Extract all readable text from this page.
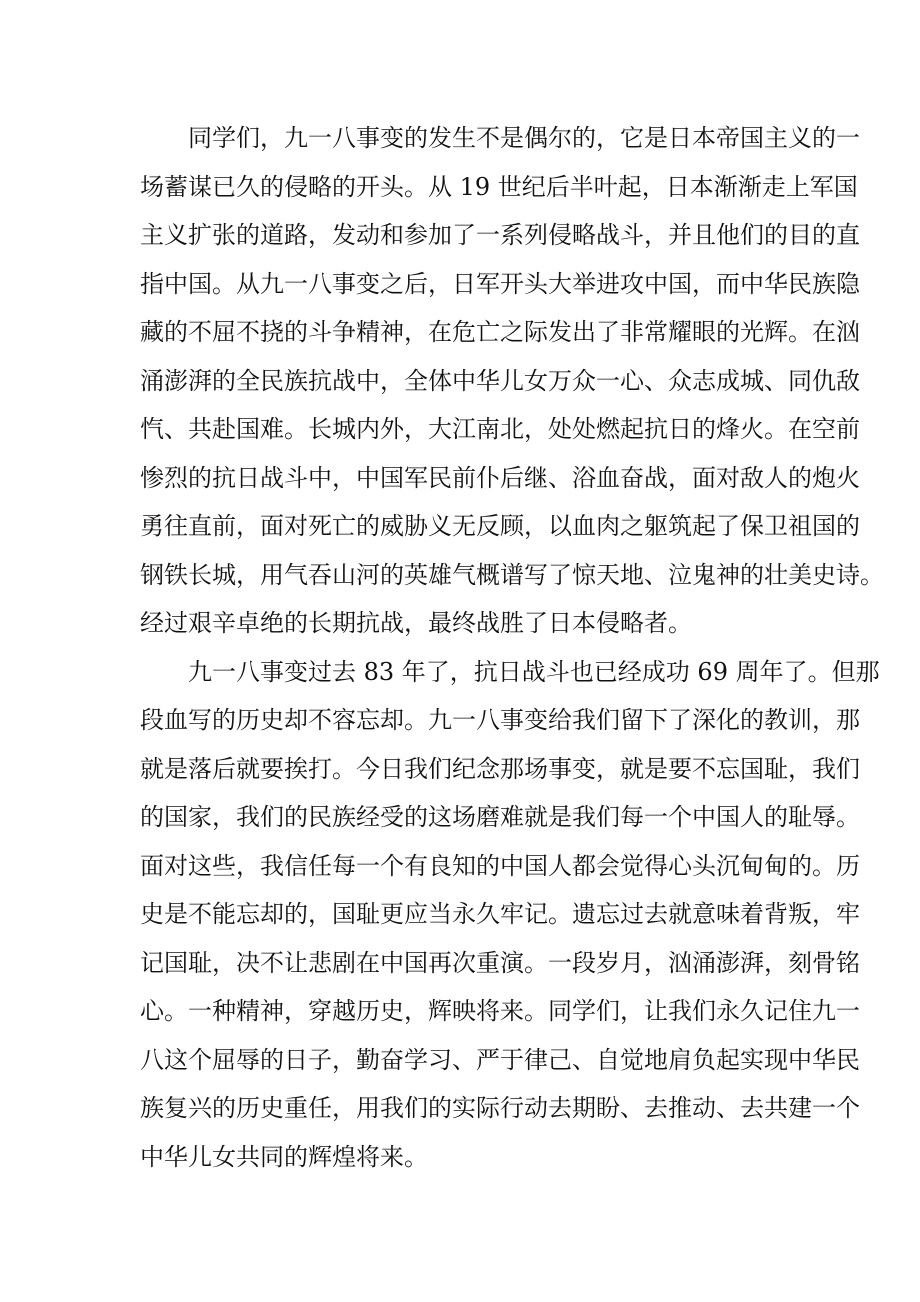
　　同学们，九一八事变的发生不是偶尔的，它是日本帝国主义的一
场蓄谋已久的侵略的开头。从 19 世纪后半叶起，日本渐渐走上军国
主义扩张的道路，发动和参加了一系列侵略战斗，并且他们的目的直
指中国。从九一八事变之后，日军开头大举进攻中国，而中华民族隐
藏的不屈不挠的斗争精神，在危亡之际发出了非常耀眼的光辉。在汹
涌澎湃的全民族抗战中，全体中华儿女万众一心、众志成城、同仇敌
忾、共赴国难。长城内外，大江南北，处处燃起抗日的烽火。在空前
惨烈的抗日战斗中，中国军民前仆后继、浴血奋战，面对敌人的炮火
勇往直前，面对死亡的威胁义无反顾，以血肉之躯筑起了保卫祖国的
钢铁长城，用气吞山河的英雄气概谱写了惊天地、泣鬼神的壮美史诗。
经过艰辛卓绝的长期抗战，最终战胜了日本侵略者。
　　九一八事变过去 83 年了，抗日战斗也已经成功 69 周年了。但那
段血写的历史却不容忘却。九一八事变给我们留下了深化的教训，那
就是落后就要挨打。今日我们纪念那场事变，就是要不忘国耻，我们
的国家，我们的民族经受的这场磨难就是我们每一个中国人的耻辱。
面对这些，我信任每一个有良知的中国人都会觉得心头沉甸甸的。历
史是不能忘却的，国耻更应当永久牢记。遗忘过去就意味着背叛，牢
记国耻，决不让悲剧在中国再次重演。一段岁月，汹涌澎湃，刻骨铭
心。一种精神，穿越历史，辉映将来。同学们，让我们永久记住九一
八这个屈辱的日子，勤奋学习、严于律己、自觉地肩负起实现中华民
族复兴的历史重任，用我们的实际行动去期盼、去推动、去共建一个
中华儿女共同的辉煌将来。
